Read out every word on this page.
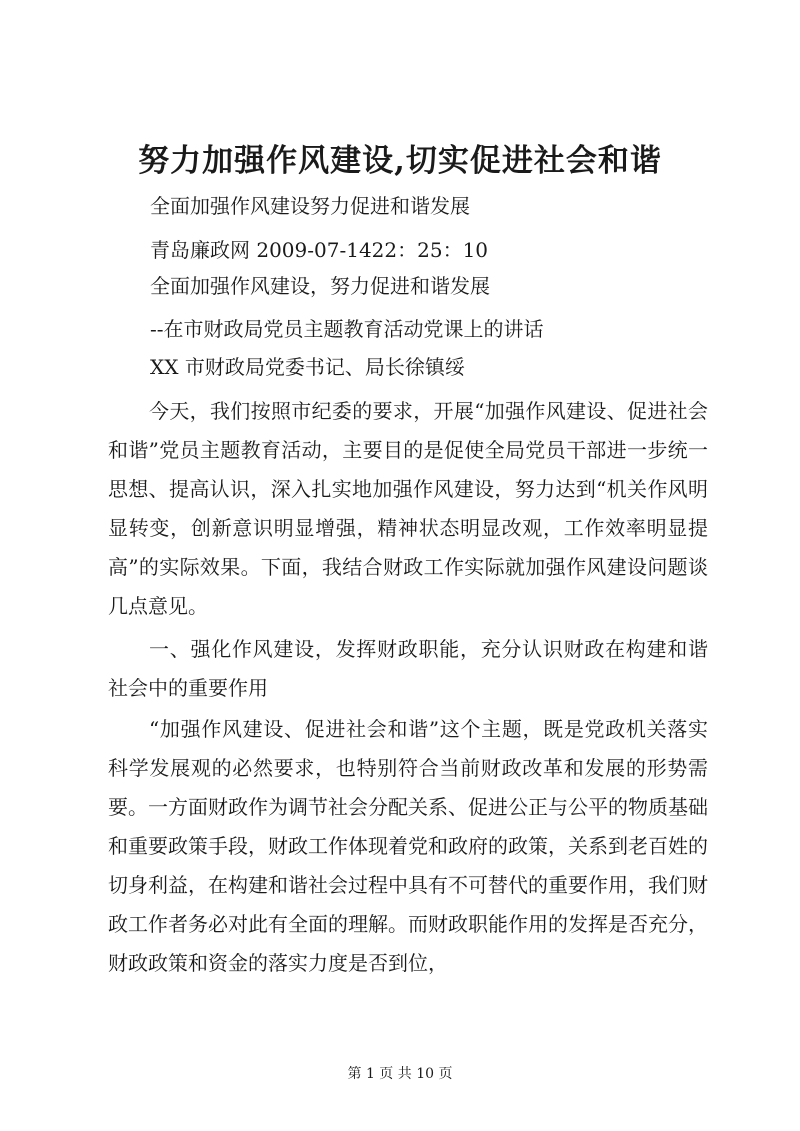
努力加强作风建设,切实促进社会和谐
全面加强作风建设努力促进和谐发展
青岛廉政网 2009-07-1422：25：10
全面加强作风建设，努力促进和谐发展
--在市财政局党员主题教育活动党课上的讲话
XX 市财政局党委书记、局长徐镇绥

今天，我们按照市纪委的要求，开展“加强作风建设、促进社会和谐”党员主题教育活动，主要目的是促使全局党员干部进一步统一思想、提高认识，深入扎实地加强作风建设，努力达到“机关作风明显转变，创新意识明显增强，精神状态明显改观，工作效率明显提高”的实际效果。下面，我结合财政工作实际就加强作风建设问题谈几点意见。

一、强化作风建设，发挥财政职能，充分认识财政在构建和谐社会中的重要作用

“加强作风建设、促进社会和谐”这个主题，既是党政机关落实科学发展观的必然要求，也特别符合当前财政改革和发展的形势需要。一方面财政作为调节社会分配关系、促进公正与公平的物质基础和重要政策手段，财政工作体现着党和政府的政策，关系到老百姓的切身利益，在构建和谐社会过程中具有不可替代的重要作用，我们财政工作者务必对此有全面的理解。而财政职能作用的发挥是否充分，财政政策和资金的落实力度是否到位，

第 1 页 共 10 页
